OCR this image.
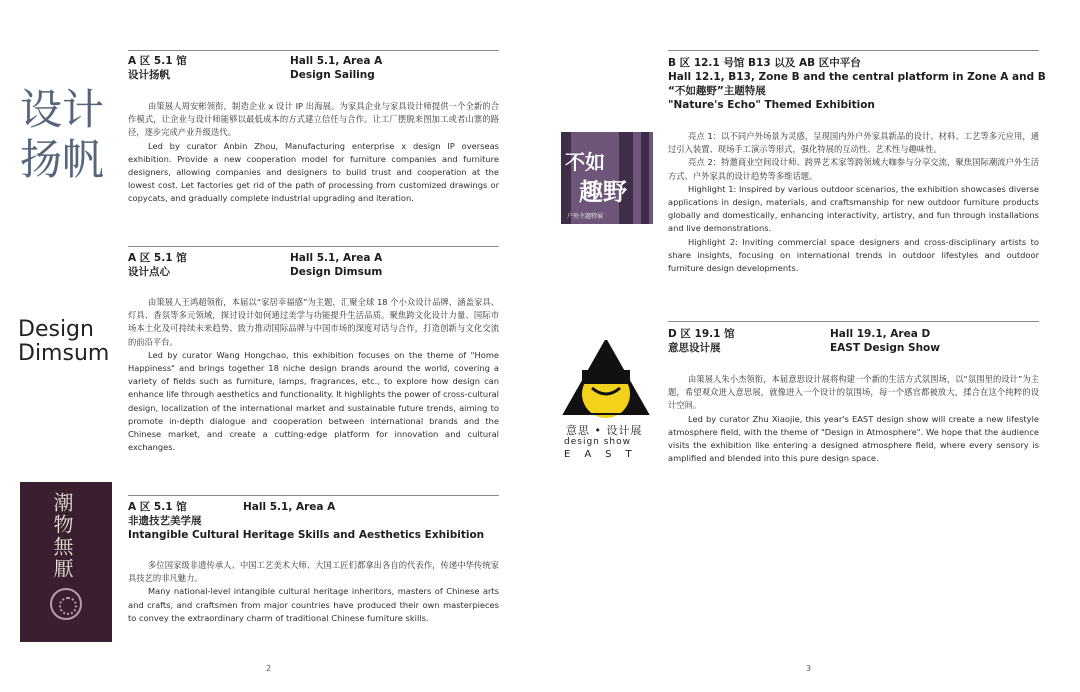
A 区 5.1 馆	Hall 5.1, Area A
设计扬帆	Design Sailing
设计
扬帆

由策展人周安彬领衔，制造企业 x 设计 IP 出海展。为家具企业与家具设计师提供一个全新的合作模式，让企业与设计师能够以最低成本的方式建立信任与合作。让工厂摆脱来图加工或者山寨的路径，逐步完成产业升级迭代。

Led by curator Anbin Zhou, Manufacturing enterprise x design IP overseas exhibition. Provide a new cooperation model for furniture companies and furniture designers, allowing companies and designers to build trust and cooperation at the lowest cost. Let factories get rid of the path of processing from customized drawings or copycats, and gradually complete industrial upgrading and iteration.

A 区 5.1 馆	Hall 5.1, Area A
设计点心	Design Dimsum
Design
Dimsum

由策展人王鸿超领衔，本届以“家居幸福感”为主题，汇聚全球 18 个小众设计品牌，涵盖家具、灯具、香氛等多元领域，探讨设计如何通过美学与功能提升生活品质。聚焦跨文化设计力量、国际市场本土化及可持续未来趋势、致力推动国际品牌与中国市场的深度对话与合作，打造创新与文化交流的前沿平台。

Led by curator Wang Hongchao, this exhibition focuses on the theme of "Home Happiness" and brings together 18 niche design brands around the world, covering a variety of fields such as furniture, lamps, fragrances, etc., to explore how design can enhance life through aesthetics and functionality. It highlights the power of cross-cultural design, localization of the international market and sustainable future trends, aiming to promote in-depth dialogue and cooperation between international brands and the Chinese market, and create a cutting-edge platform for innovation and cultural exchanges.

A 区 5.1 馆	Hall 5.1, Area A
非遗技艺美学展
Intangible Cultural Heritage Skills and Aesthetics Exhibition
潮物無厭	多位国家级非遗传承人、中国工艺美术大师、大国工匠们都拿出各自的代表作，传递中华传统家具技艺的非凡魅力。

Many national-level intangible cultural heritage inheritors, masters of Chinese arts and crafts, and craftsmen from major countries have produced their own masterpieces to convey the extraordinary charm of traditional Chinese furniture skills.

2
B 区 12.1 号馆 B13 以及 AB 区中平台
Hall 12.1, B13, Zone B and the central platform in Zone A and B
“不如趣野”主题特展
"Nature's Echo" Themed Exhibition
不如
趣野
户外主题特展

亮点 1：以不同户外场景为灵感，呈现国内外户外家具新品的设计、材料、工艺等多元应用，通过引入装置、现场手工演示等形式，强化特展的互动性、艺术性与趣味性。

亮点 2：特邀商业空间设计师、跨界艺术家等跨领域大咖参与分享交流，聚焦国际潮流户外生活方式、户外家具的设计趋势等多维话题。

Highlight 1: Inspired by various outdoor scenarios, the exhibition showcases diverse applications in design, materials, and craftsmanship for new outdoor furniture products globally and domestically, enhancing interactivity, artistry, and fun through installations and live demonstrations.

Highlight 2: Inviting commercial space designers and cross-disciplinary artists to share insights, focusing on international trends in outdoor lifestyles and outdoor furniture design developments.

D 区 19.1 馆	Hall 19.1, Area D
意思设计展	EAST Design Show
意思 • 设计展
design show
EAST

由策展人朱小杰领衔，本届意思设计展将构建一个新的生活方式氛围场，以“氛围里的设计”为主题，希望观众进入意思展，就像进入一个设计的氛围场，每一个感官都被放大，揉合在这个纯粹的设计空间。

Led by curator Zhu Xiaojie, this year's EAST design show will create a new lifestyle atmosphere field, with the theme of "Design in Atmosphere". We hope that the audience visits the exhibition like entering a designed atmosphere field, where every sensory is amplified and blended into this pure design space.

3
